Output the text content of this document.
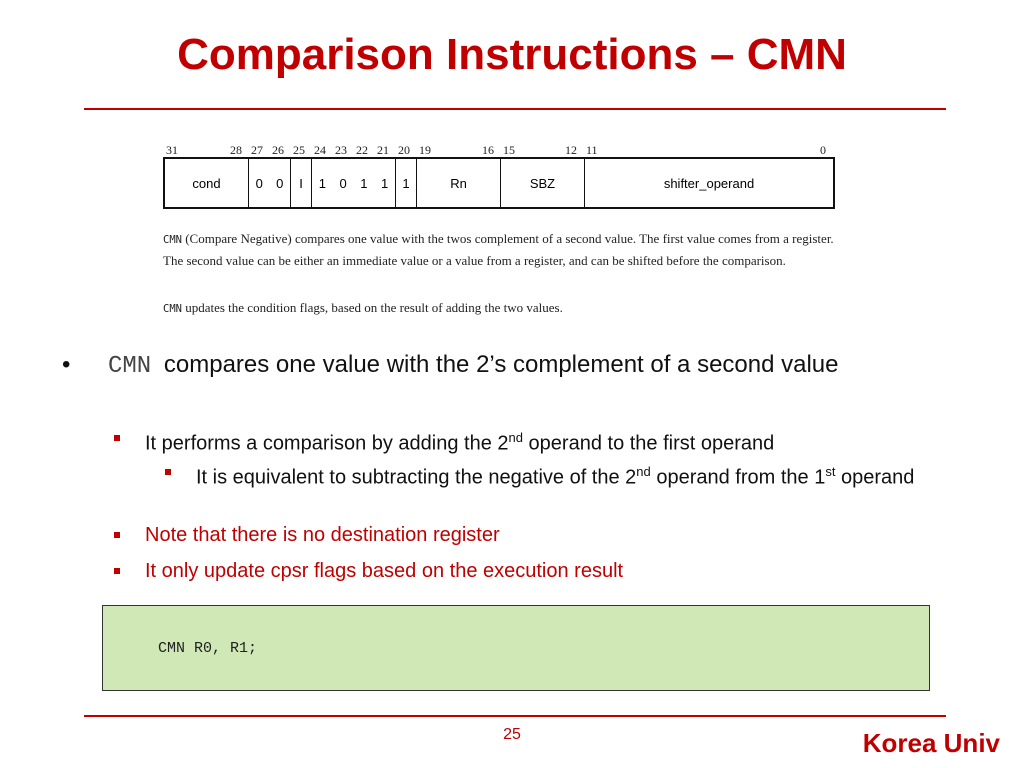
Comparison Instructions – CMN
31	28 27 26 25 24 23 22 21 20 19	16 15	12 11	0
cond	0 0	I	1 0 1 1	1	Rn	SBZ	shifter_operand
CMN (Compare Negative) compares one value with the twos complement of a second value. The first value comes from a register. The second value can be either an immediate value or a value from a register, and can be shifted before the comparison.
CMN updates the condition flags, based on the result of adding the two values.
•	CMN compares one value with the 2’s complement of a second value
It performs a comparison by adding the 2nd operand to the first operand
It is equivalent to subtracting the negative of the 2nd operand from the 1st operand
Note that there is no destination register
It only update cpsr flags based on the execution result
CMN R0, R1;
25	Korea Univ
